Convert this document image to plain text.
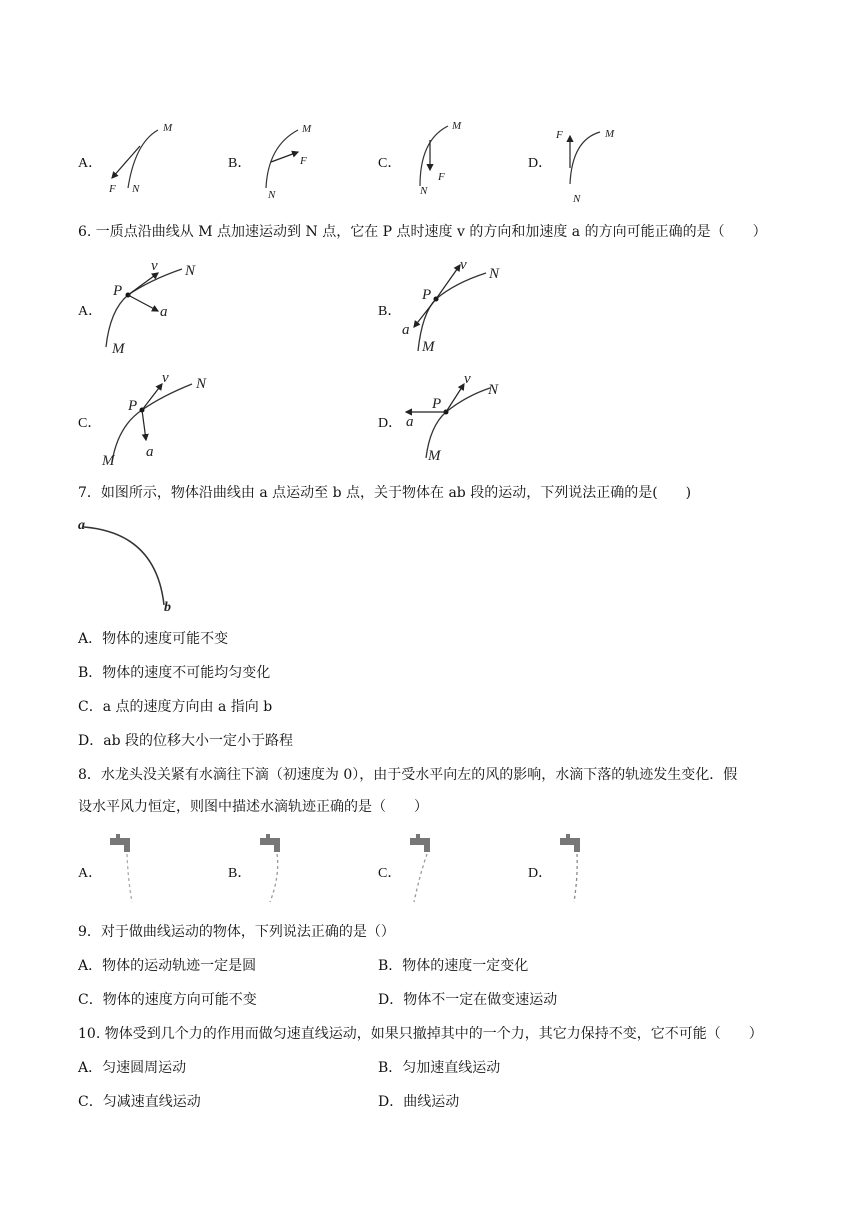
A．	B．	C．	D．
M
F N
M
F
N
M
F
N
M
F
N
6. 一质点沿曲线从 M 点加速运动到 N 点，它在 P 点时速度 v 的方向和加速度 a 的方向可能正确的是（　　）
A．	B．
C．	D．
P
v N
a
M
P
v
N
a
M
P
v N
a
M
P
v
N
a
M
7．如图所示，物体沿曲线由 a 点运动至 b 点，关于物体在 ab 段的运动，下列说法正确的是(　　)
a
b
A．物体的速度可能不变
B．物体的速度不可能均匀变化
C．a 点的速度方向由 a 指向 b
D．ab 段的位移大小一定小于路程
8．水龙头没关紧有水滴往下滴（初速度为 0），由于受水平向左的风的影响，水滴下落的轨迹发生变化．假
设水平风力恒定，则图中描述水滴轨迹正确的是（　　）
A．	B．	C．	D．
9．对于做曲线运动的物体，下列说法正确的是（）
A．物体的运动轨迹一定是圆	B．物体的速度一定变化
C．物体的速度方向可能不变	D．物体不一定在做变速运动
10. 物体受到几个力的作用而做匀速直线运动，如果只撤掉其中的一个力，其它力保持不变，它不可能（　　）
A．匀速圆周运动	B．匀加速直线运动
C．匀减速直线运动	D．曲线运动
